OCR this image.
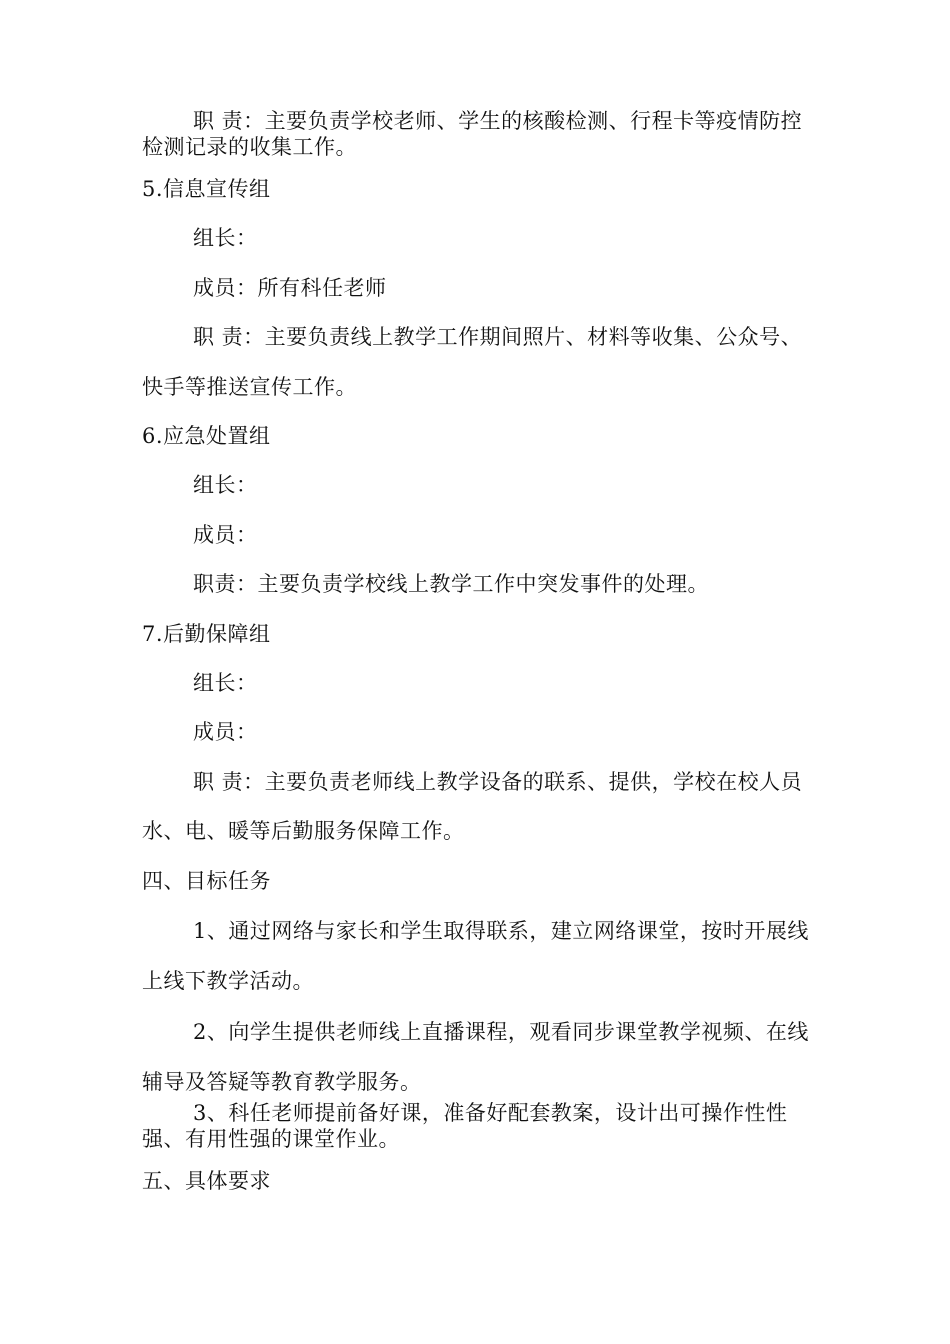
职 责：主要负责学校老师、学生的核酸检测、行程卡等疫情防控
检测记录的收集工作。
5.信息宣传组
组长：
成员：所有科任老师
职 责：主要负责线上教学工作期间照片、材料等收集、公众号、
快手等推送宣传工作。
6.应急处置组
组长：
成员：
职责：主要负责学校线上教学工作中突发事件的处理。
7.后勤保障组
组长：
成员：
职 责：主要负责老师线上教学设备的联系、提供，学校在校人员
水、电、暖等后勤服务保障工作。
四、目标任务
1、通过网络与家长和学生取得联系，建立网络课堂，按时开展线
上线下教学活动。
2、向学生提供老师线上直播课程，观看同步课堂教学视频、在线
辅导及答疑等教育教学服务。
3、科任老师提前备好课，准备好配套教案，设计出可操作性性
强、有用性强的课堂作业。
五、具体要求
